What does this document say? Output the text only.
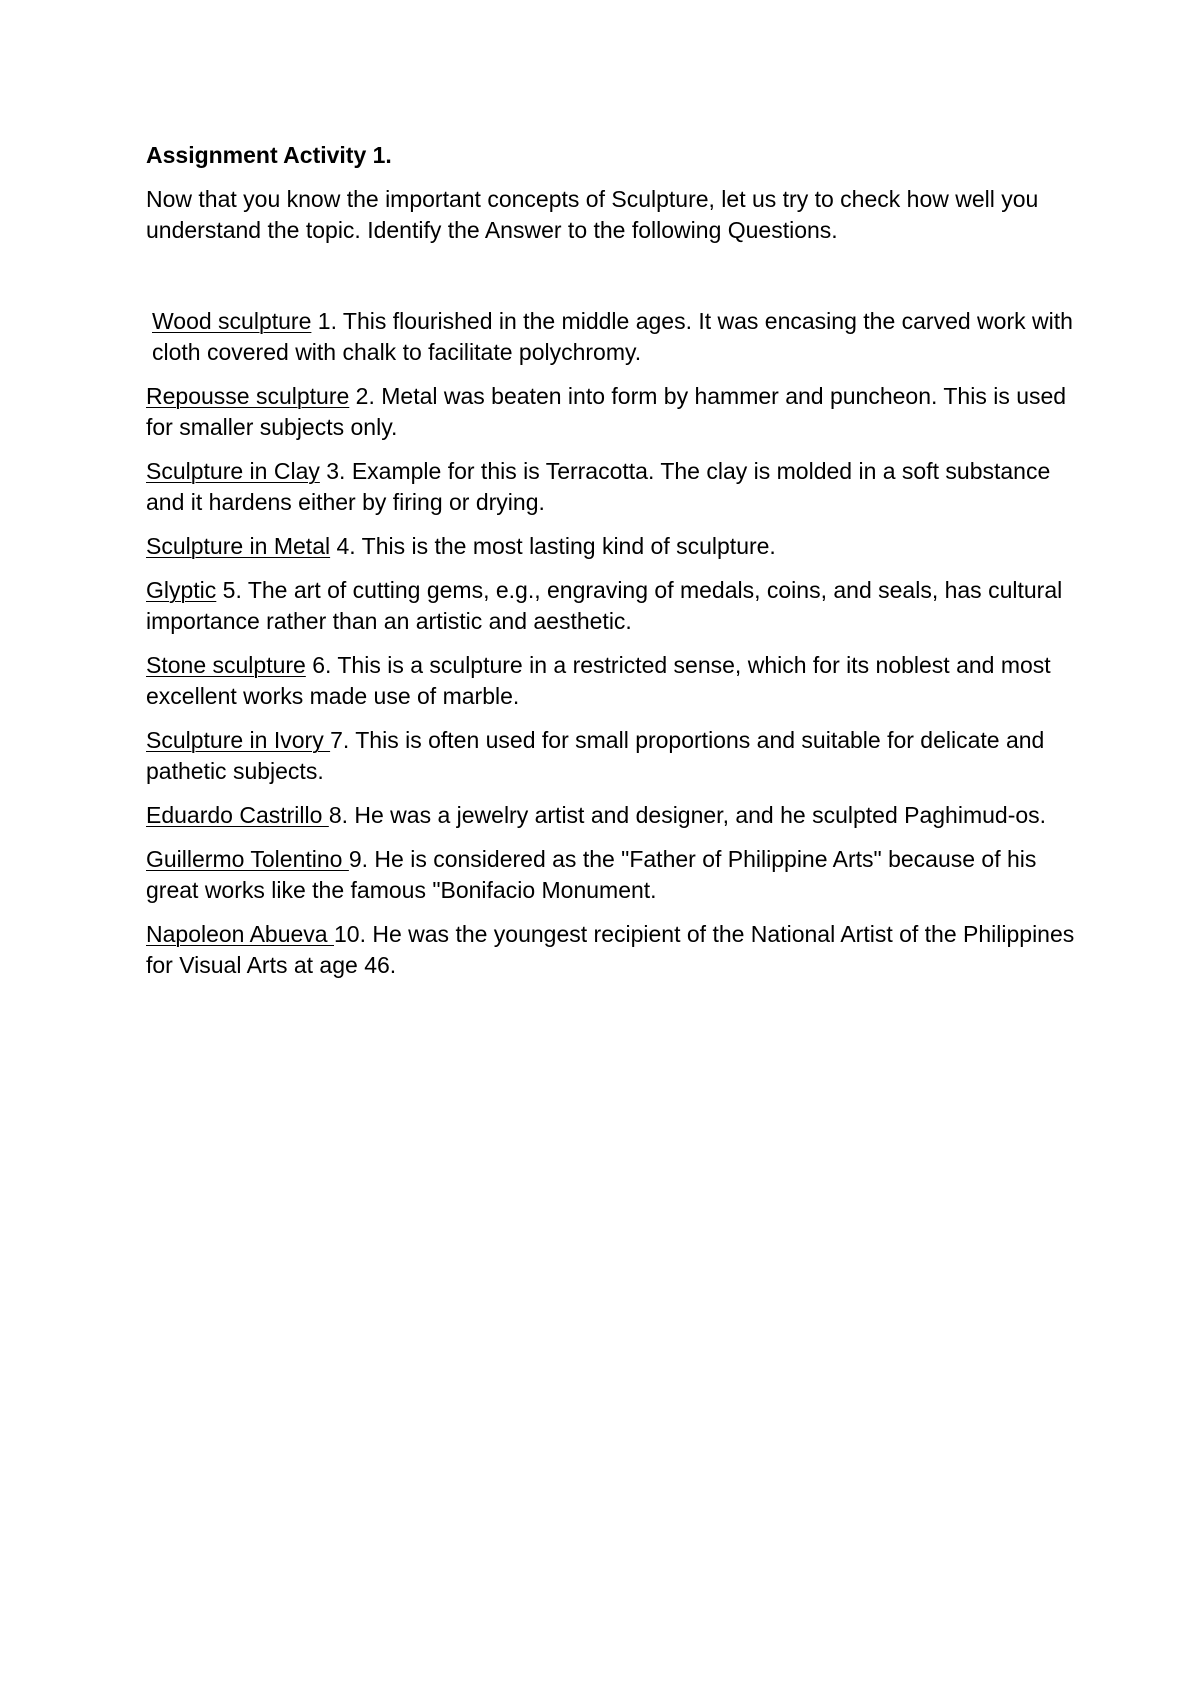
Assignment Activity 1.

Now that you know the important concepts of Sculpture, let us try to check how well you understand the topic. Identify the Answer to the following Questions.

Wood sculpture 1. This flourished in the middle ages. It was encasing the carved work with cloth covered with chalk to facilitate polychromy.

Repousse sculpture 2. Metal was beaten into form by hammer and puncheon. This is used for smaller subjects only.

Sculpture in Clay 3. Example for this is Terracotta. The clay is molded in a soft substance and it hardens either by firing or drying.

Sculpture in Metal 4. This is the most lasting kind of sculpture.

Glyptic 5. The art of cutting gems, e.g., engraving of medals, coins, and seals, has cultural importance rather than an artistic and aesthetic.

Stone sculpture 6. This is a sculpture in a restricted sense, which for its noblest and most excellent works made use of marble.

Sculpture in Ivory 7. This is often used for small proportions and suitable for delicate and pathetic subjects.

Eduardo Castrillo 8. He was a jewelry artist and designer, and he sculpted Paghimud-os.

Guillermo Tolentino 9. He is considered as the "Father of Philippine Arts" because of his great works like the famous "Bonifacio Monument.

Napoleon Abueva 10. He was the youngest recipient of the National Artist of the Philippines for Visual Arts at age 46.
